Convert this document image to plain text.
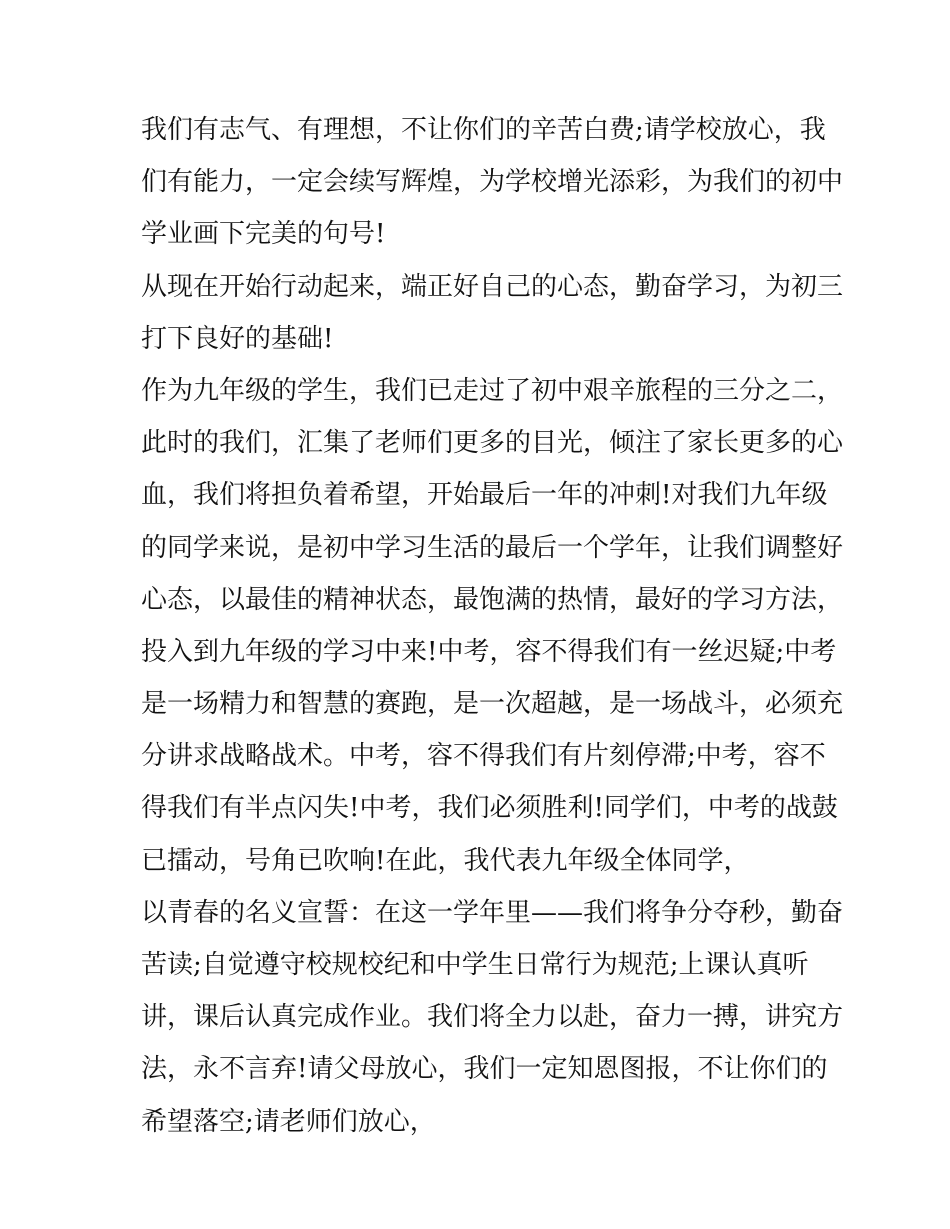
我们有志气、有理想，不让你们的辛苦白费;请学校放心，我
们有能力，一定会续写辉煌，为学校增光添彩，为我们的初中
学业画下完美的句号!
从现在开始行动起来，端正好自己的心态，勤奋学习，为初三
打下良好的基础!
作为九年级的学生，我们已走过了初中艰辛旅程的三分之二，
此时的我们，汇集了老师们更多的目光，倾注了家长更多的心
血，我们将担负着希望，开始最后一年的冲刺!对我们九年级
的同学来说，是初中学习生活的最后一个学年，让我们调整好
心态，以最佳的精神状态，最饱满的热情，最好的学习方法，
投入到九年级的学习中来!中考，容不得我们有一丝迟疑;中考
是一场精力和智慧的赛跑，是一次超越，是一场战斗，必须充
分讲求战略战术。中考，容不得我们有片刻停滞;中考，容不
得我们有半点闪失!中考，我们必须胜利!同学们，中考的战鼓
已擂动，号角已吹响!在此，我代表九年级全体同学，
以青春的名义宣誓：在这一学年里——我们将争分夺秒，勤奋
苦读;自觉遵守校规校纪和中学生日常行为规范;上课认真听
讲，课后认真完成作业。我们将全力以赴，奋力一搏，讲究方
法，永不言弃!请父母放心，我们一定知恩图报，不让你们的
希望落空;请老师们放心，
